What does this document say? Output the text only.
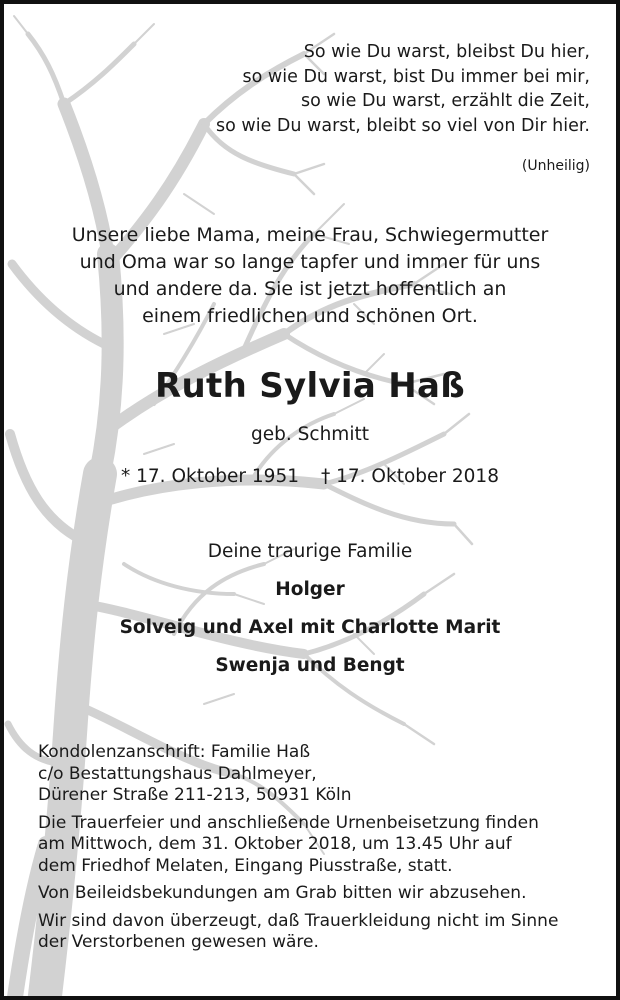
So wie Du warst, bleibst Du hier,
so wie Du warst, bist Du immer bei mir,
so wie Du warst, erzählt die Zeit,
so wie Du warst, bleibt so viel von Dir hier.
(Unheilig)
Unsere liebe Mama, meine Frau, Schwiegermutter
und Oma war so lange tapfer und immer für uns
und andere da. Sie ist jetzt hoffentlich an
einem friedlichen und schönen Ort.
Ruth Sylvia Haß
geb. Schmitt
* 17. Oktober 1951 † 17. Oktober 2018
Deine traurige Familie
Holger
Solveig und Axel mit Charlotte Marit
Swenja und Bengt

Kondolenzanschrift: Familie Haß
c/o Bestattungshaus Dahlmeyer,
Dürener Straße 211-213, 50931 Köln

Die Trauerfeier und anschließende Urnenbeisetzung finden
am Mittwoch, dem 31. Oktober 2018, um 13.45 Uhr auf
dem Friedhof Melaten, Eingang Piusstraße, statt.

Von Beileidsbekundungen am Grab bitten wir abzusehen.

Wir sind davon überzeugt, daß Trauerkleidung nicht im Sinne
der Verstorbenen gewesen wäre.
